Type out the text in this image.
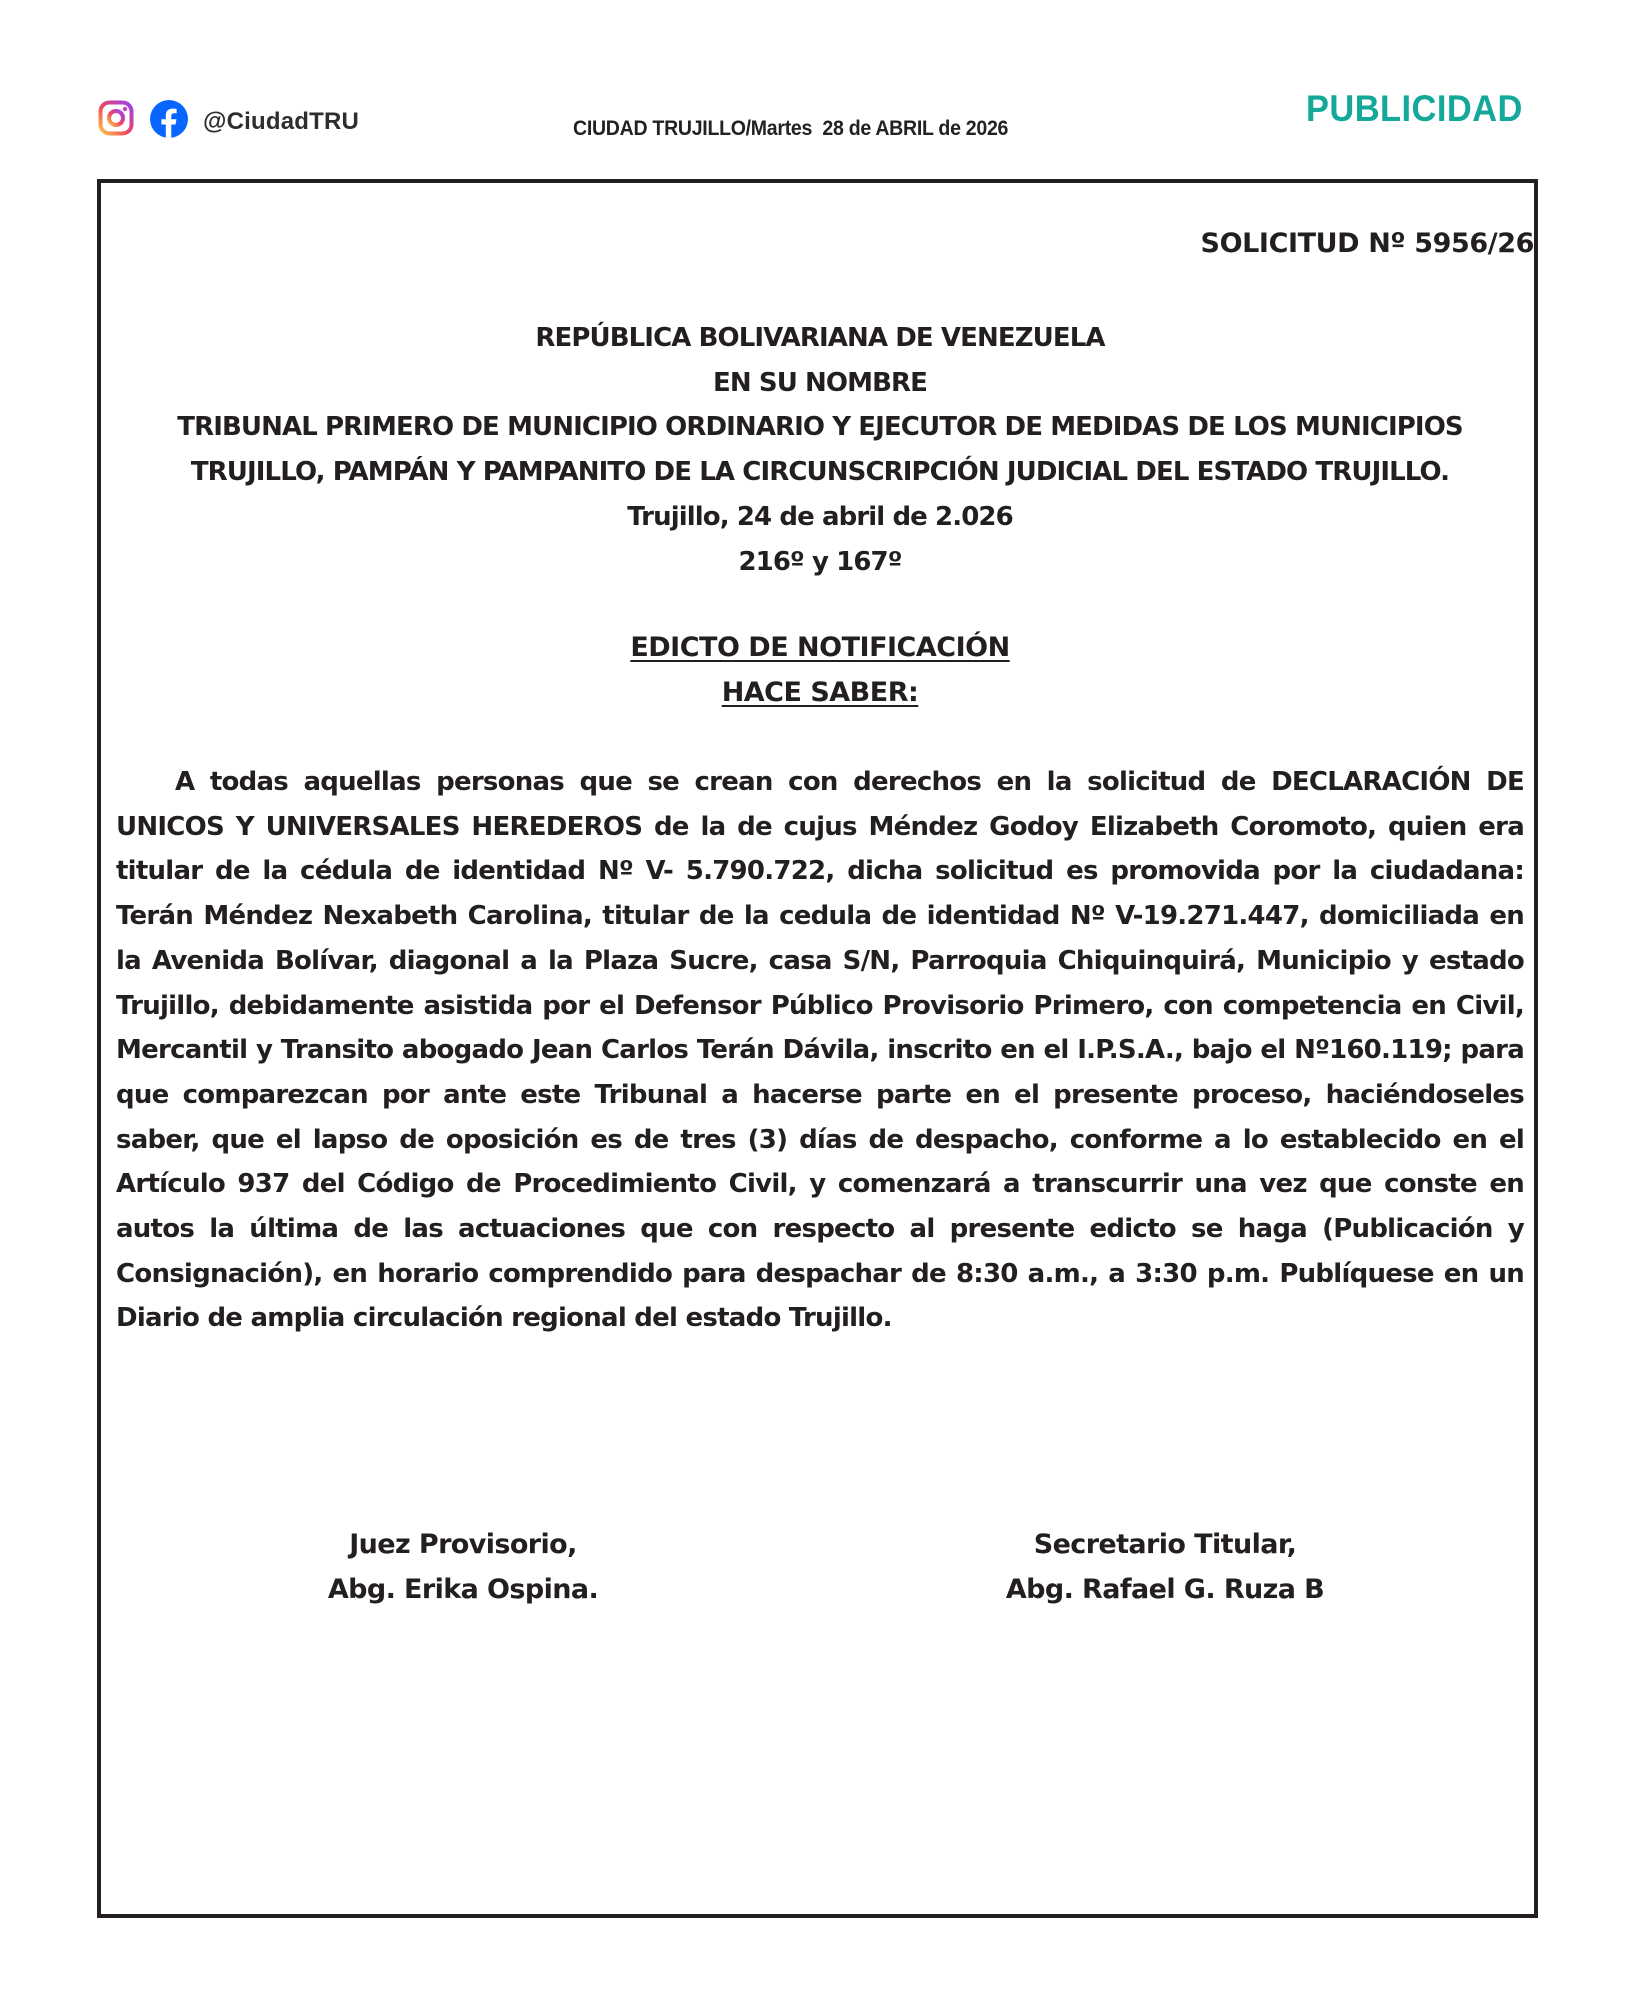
@CiudadTRU	CIUDAD TRUJILLO/Martes  28 de ABRIL de 2026	PUBLICIDAD
SOLICITUD Nº 5956/26
REPÚBLICA BOLIVARIANA DE VENEZUELA
EN SU NOMBRE
TRIBUNAL PRIMERO DE MUNICIPIO ORDINARIO Y EJECUTOR DE MEDIDAS DE LOS MUNICIPIOS
TRUJILLO, PAMPÁN Y PAMPANITO DE LA CIRCUNSCRIPCIÓN JUDICIAL DEL ESTADO TRUJILLO.
Trujillo, 24 de abril de 2.026
216º y 167º
EDICTO DE NOTIFICACIÓN
HACE SABER:
A todas aquellas personas que se crean con derechos en la solicitud de DECLARACIÓN DE UNICOS Y UNIVERSALES HEREDEROS de la de cujus Méndez Godoy Elizabeth Coromoto, quien era titular de la cédula de identidad Nº V- 5.790.722, dicha solicitud es promovida por la ciudadana: Terán Méndez Nexabeth Carolina, titular de la cedula de identidad Nº V-19.271.447, domiciliada en la Avenida Bolívar, diagonal a la Plaza Sucre, casa S/N, Parroquia Chiquinquirá, Municipio y estado Trujillo, debidamente asistida por el Defensor Público Provisorio Primero, con competencia en Civil, Mercantil y Transito abogado Jean Carlos Terán Dávila, inscrito en el I.P.S.A., bajo el Nº160.119; para que comparezcan por ante este Tribunal a hacerse parte en el presente proceso, haciéndoseles saber, que el lapso de oposición es de tres (3) días de despacho, conforme a lo establecido en el Artículo 937 del Código de Procedimiento Civil, y comenzará a transcurrir una vez que conste en autos la última de las actuaciones que con respecto al presente edicto se haga (Publicación y Consignación), en horario comprendido para despachar de 8:30 a.m., a 3:30 p.m. Publíquese en un Diario de amplia circulación regional del estado Trujillo.
Juez Provisorio,
Abg. Erika Ospina.
Secretario Titular,
Abg. Rafael G. Ruza B
